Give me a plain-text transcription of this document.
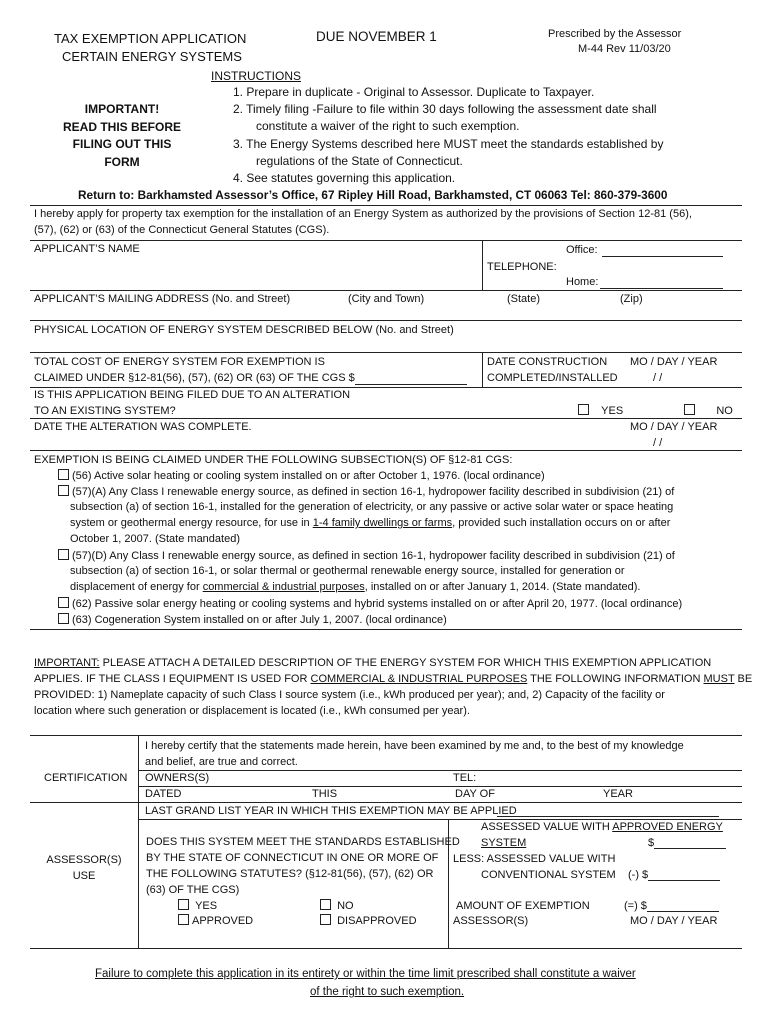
TAX EXEMPTION APPLICATION
CERTAIN ENERGY SYSTEMS
DUE NOVEMBER 1	Prescribed by the Assessor
M-44 Rev 11/03/20
IMPORTANT!
READ THIS BEFORE
FILING OUT THIS
FORM
INSTRUCTIONS
1. Prepare in duplicate - Original to Assessor. Duplicate to Taxpayer.
2. Timely filing -Failure to file within 30 days following the assessment date shall
constitute a waiver of the right to such exemption.
3. The Energy Systems described here MUST meet the standards established by
regulations of the State of Connecticut.
4. See statutes governing this application.
Return to: Barkhamsted Assessor’s Office, 67 Ripley Hill Road, Barkhamsted, CT 06063 Tel: 860-379-3600
I hereby apply for property tax exemption for the installation of an Energy System as authorized by the provisions of Section 12-81 (56),
(57), (62) or (63) of the Connecticut General Statutes (CGS).
APPLICANT’S NAME	Office:
TELEPHONE:
Home:
APPLICANT’S MAILING ADDRESS (No. and Street)	(City and Town)	(State)	(Zip)
PHYSICAL LOCATION OF ENERGY SYSTEM DESCRIBED BELOW (No. and Street)
TOTAL COST OF ENERGY SYSTEM FOR EXEMPTION IS
CLAIMED UNDER §12-81(56), (57), (62) OR (63) OF THE CGS $
DATE CONSTRUCTION
COMPLETED/INSTALLED
MO / DAY / YEAR
/ /
IS THIS APPLICATION BEING FILED DUE TO AN ALTERATION
TO AN EXISTING SYSTEM?	YES	NO
DATE THE ALTERATION WAS COMPLETE.	MO / DAY / YEAR
/ /
EXEMPTION IS BEING CLAIMED UNDER THE FOLLOWING SUBSECTION(S) OF §12-81 CGS:
(56) Active solar heating or cooling system installed on or after October 1, 1976. (local ordinance)
(57)(A) Any Class I renewable energy source, as defined in section 16-1, hydropower facility described in subdivision (21) of
subsection (a) of section 16-1, installed for the generation of electricity, or any passive or active solar water or space heating
system or geothermal energy resource, for use in 1-4 family dwellings or farms, provided such installation occurs on or after
October 1, 2007. (State mandated)
(57)(D) Any Class I renewable energy source, as defined in section 16-1, hydropower facility described in subdivision (21) of
subsection (a) of section 16-1, or solar thermal or geothermal renewable energy source, installed for generation or
displacement of energy for commercial & industrial purposes, installed on or after January 1, 2014. (State mandated).
(62) Passive solar energy heating or cooling systems and hybrid systems installed on or after April 20, 1977. (local ordinance)
(63) Cogeneration System installed on or after July 1, 2007. (local ordinance)
IMPORTANT: PLEASE ATTACH A DETAILED DESCRIPTION OF THE ENERGY SYSTEM FOR WHICH THIS EXEMPTION APPLICATION
APPLIES. IF THE CLASS I EQUIPMENT IS USED FOR COMMERCIAL & INDUSTRIAL PURPOSES THE FOLLOWING INFORMATION MUST BE
PROVIDED: 1) Nameplate capacity of such Class I source system (i.e., kWh produced per year); and, 2) Capacity of the facility or
location where such generation or displacement is located (i.e., kWh consumed per year).
CERTIFICATION
I hereby certify that the statements made herein, have been examined by me and, to the best of my knowledge
and belief, are true and correct.
OWNERS(S)	TEL:
DATED	THIS	DAY OF	YEAR
LAST GRAND LIST YEAR IN WHICH THIS EXEMPTION MAY BE APPLIED
ASSESSOR(S)
USE
DOES THIS SYSTEM MEET THE STANDARDS ESTABLISHED
BY THE STATE OF CONNECTICUT IN ONE OR MORE OF
THE FOLLOWING STATUTES? (§12-81(56), (57), (62) OR
(63) OF THE CGS)
YES	NO
APPROVED	DISAPPROVED
ASSESSED VALUE WITH APPROVED ENERGY
SYSTEM	$
LESS: ASSESSED VALUE WITH
CONVENTIONAL SYSTEM (-) $
AMOUNT OF EXEMPTION	(=) $
ASSESSOR(S)	MO / DAY / YEAR
Failure to complete this application in its entirety or within the time limit prescribed shall constitute a waiver
of the right to such exemption.
